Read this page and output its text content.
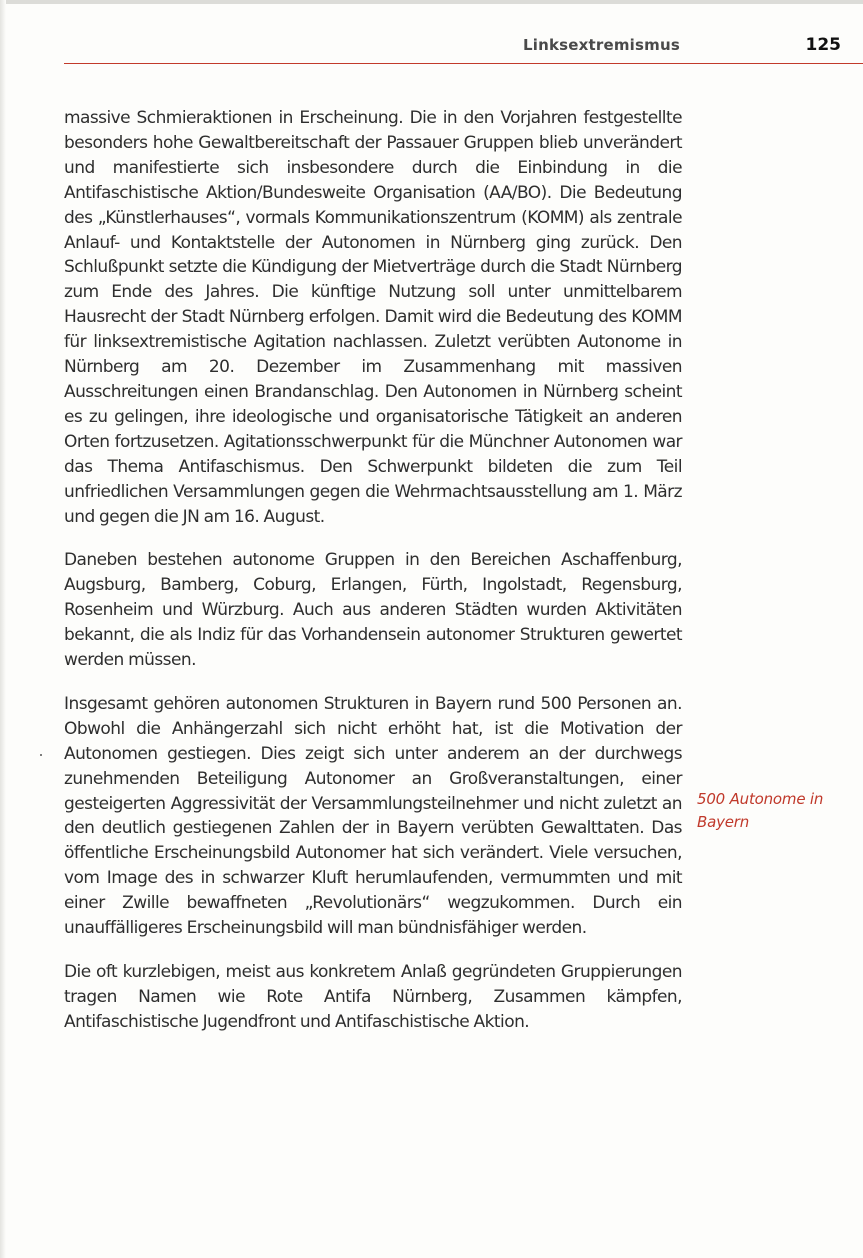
Linksextremismus	125

massive Schmieraktionen in Erscheinung. Die in den Vorjahren festgestellte besonders hohe Gewaltbereitschaft der Passauer Gruppen blieb unverändert und manifestierte sich insbesondere durch die Einbindung in die Antifaschistische Aktion/Bundesweite Organisation (AA/BO). Die Bedeutung des „Künstlerhauses“, vormals Kommunikationszentrum (KOMM) als zentrale Anlauf- und Kontaktstelle der Autonomen in Nürnberg ging zurück. Den Schlußpunkt setzte die Kündigung der Mietverträge durch die Stadt Nürnberg zum Ende des Jahres. Die künftige Nutzung soll unter unmittelbarem Hausrecht der Stadt Nürnberg erfolgen. Damit wird die Bedeutung des KOMM für linksextremistische Agitation nachlassen. Zuletzt verübten Autonome in Nürnberg am 20. Dezember im Zusammenhang mit massiven Ausschreitungen einen Brandanschlag. Den Autonomen in Nürnberg scheint es zu gelingen, ihre ideologische und organisatorische Tätigkeit an anderen Orten fortzusetzen. Agitationsschwerpunkt für die Münchner Autonomen war das Thema Antifaschismus. Den Schwerpunkt bildeten die zum Teil unfriedlichen Versammlungen gegen die Wehrmachtsausstellung am 1. März und gegen die JN am 16. August.

Daneben bestehen autonome Gruppen in den Bereichen Aschaffenburg, Augsburg, Bamberg, Coburg, Erlangen, Fürth, Ingolstadt, Regensburg, Rosenheim und Würzburg. Auch aus anderen Städten wurden Aktivitäten bekannt, die als Indiz für das Vorhandensein autonomer Strukturen gewertet werden müssen.

Insgesamt gehören autonomen Strukturen in Bayern rund 500 Personen an. Obwohl die Anhängerzahl sich nicht erhöht hat, ist die Motivation der Autonomen gestiegen. Dies zeigt sich unter anderem an der durchwegs zunehmenden Beteiligung Autonomer an Großveranstaltungen, einer gesteigerten Aggressivität der Versammlungsteilnehmer und nicht zuletzt an den deutlich gestiegenen Zahlen der in Bayern verübten Gewalttaten. Das öffentliche Erscheinungsbild Autonomer hat sich verändert. Viele versuchen, vom Image des in schwarzer Kluft herumlaufenden, vermummten und mit einer Zwille bewaffneten „Revolutionärs“ wegzukommen. Durch ein unauffälligeres Erscheinungsbild will man bündnisfähiger werden.

Die oft kurzlebigen, meist aus konkretem Anlaß gegründeten Gruppierungen tragen Namen wie Rote Antifa Nürnberg, Zusammen kämpfen, Antifaschistische Jugendfront und Antifaschistische Aktion.

500 Autonome in Bayern
